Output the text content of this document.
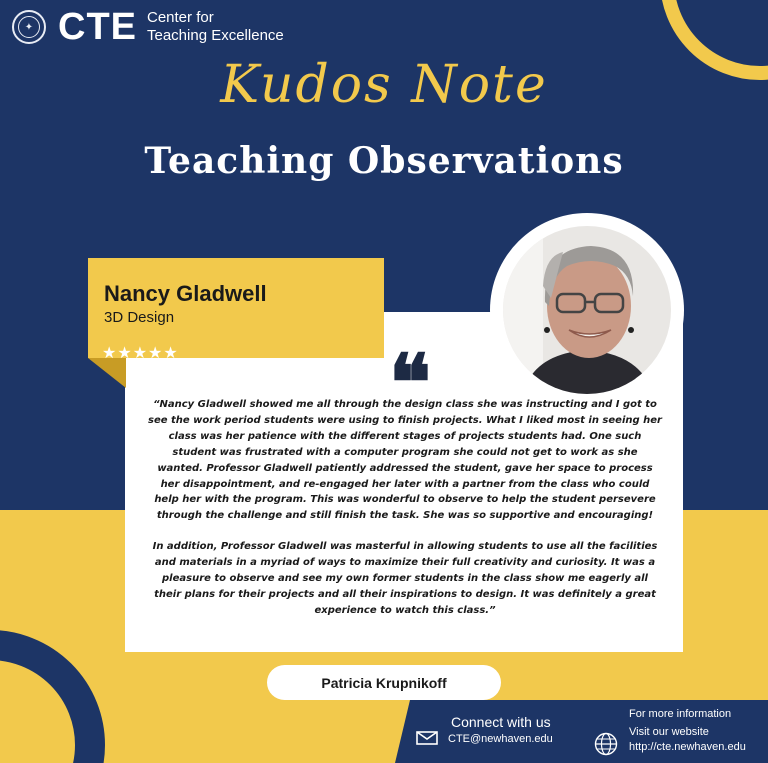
✦ CTE Center for
Teaching Excellence
Kudos Note
Teaching Observations
Nancy Gladwell
3D Design
★★★★★	❝

“Nancy Gladwell showed me all through the design class she was instructing and I got to see the work period students were using to finish projects. What I liked most in seeing her class was her patience with the different stages of projects students had. One such student was frustrated with a computer program she could not get to work as she wanted. Professor Gladwell patiently addressed the student, gave her space to process her disappointment, and re-engaged her later with a partner from the class who could help her with the program. This was wonderful to observe to help the student persevere through the challenge and still finish the task. She was so supportive and encouraging!

In addition, Professor Gladwell was masterful in allowing students to use all the facilities and materials in a myriad of ways to maximize their full creativity and curiosity. It was a pleasure to observe and see my own former students in the class show me eagerly all their plans for their projects and all their inspirations to design. It was definitely a great experience to watch this class.”

Patricia Krupnikoff
Connect with us
CTE@newhaven.edu
For more information
Visit our website
http://cte.newhaven.edu
